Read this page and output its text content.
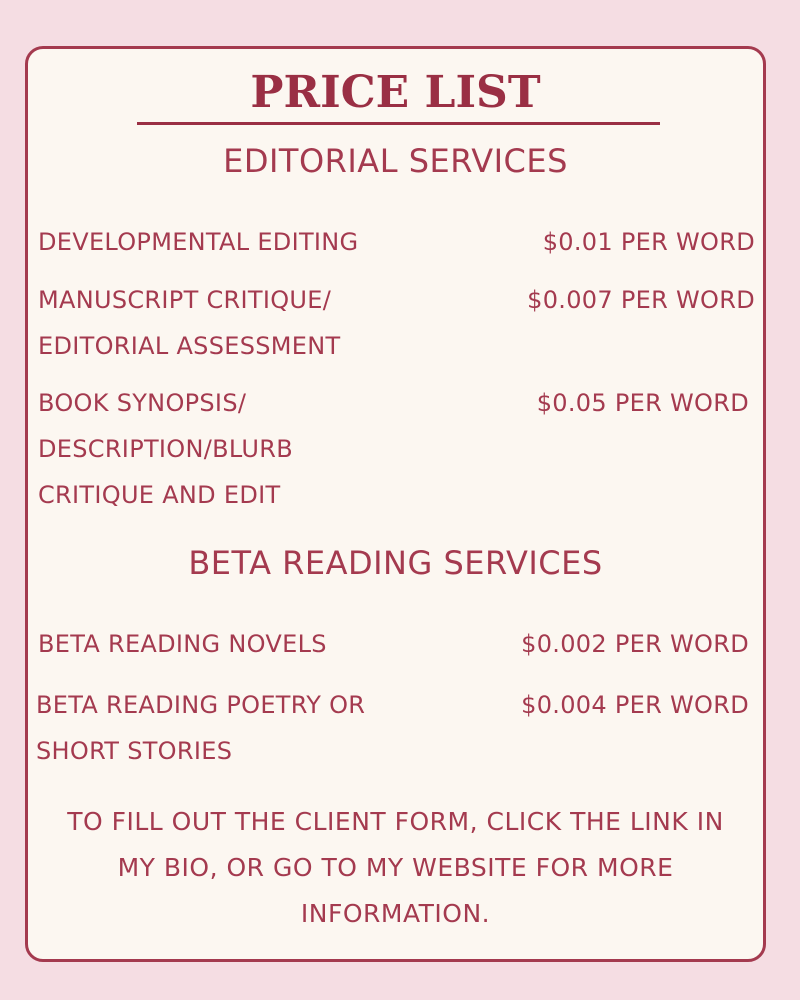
PRICE LIST
EDITORIAL SERVICES
DEVELOPMENTAL EDITING	$0.01 PER WORD
MANUSCRIPT CRITIQUE/
EDITORIAL ASSESSMENT
$0.007 PER WORD
BOOK SYNOPSIS/
DESCRIPTION/BLURB
CRITIQUE AND EDIT
$0.05 PER WORD
BETA READING SERVICES
BETA READING NOVELS	$0.002 PER WORD
BETA READING POETRY OR
SHORT STORIES
$0.004 PER WORD
TO FILL OUT THE CLIENT FORM, CLICK THE LINK IN MY BIO, OR GO TO MY WEBSITE FOR MORE INFORMATION.
